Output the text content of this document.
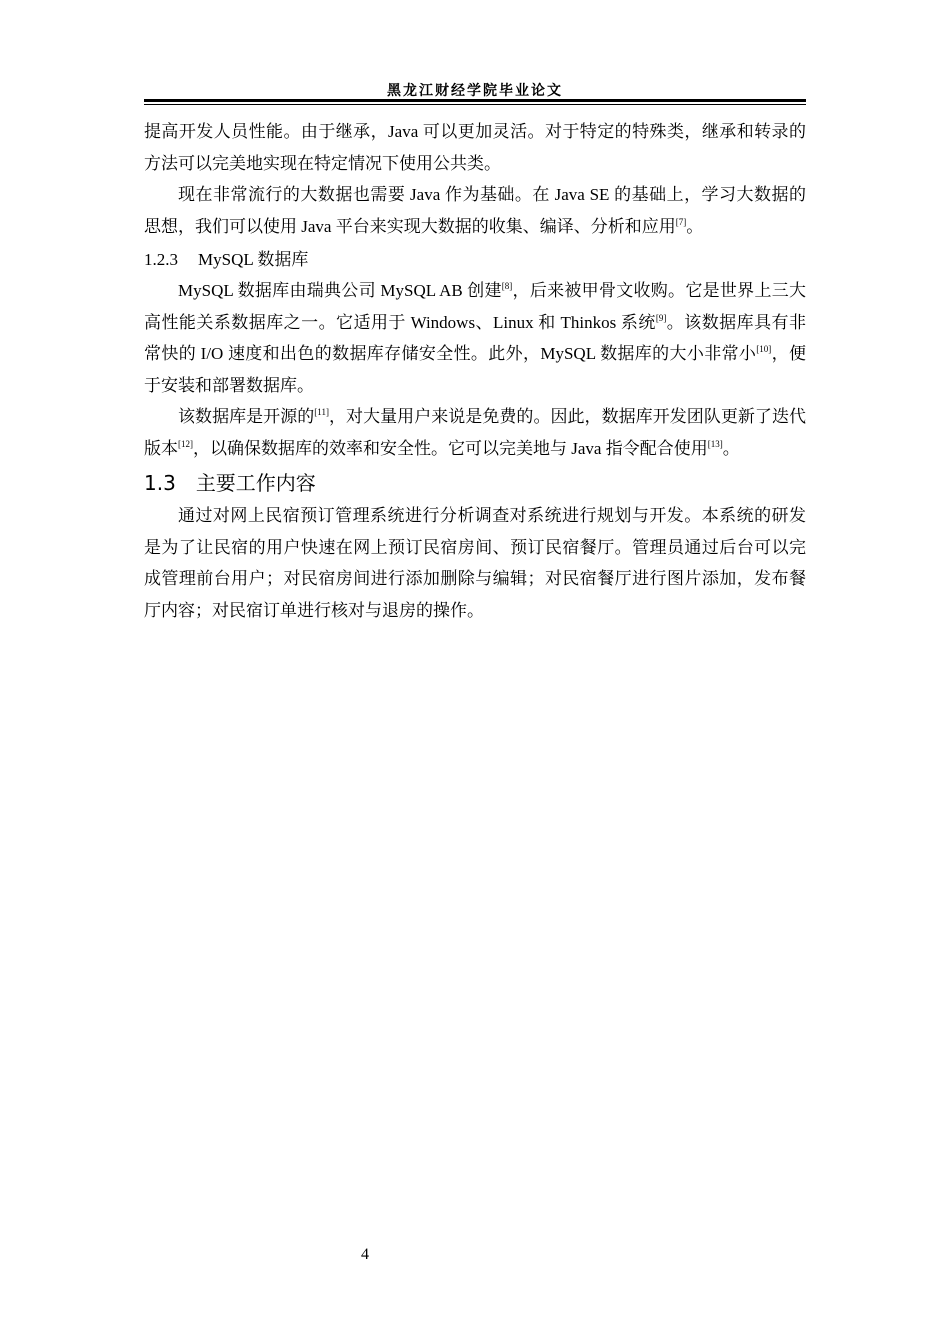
黑龙江财经学院毕业论文

提高开发人员性能。由于继承，Java 可以更加灵活。对于特定的特殊类，继承和转录的方法可以完美地实现在特定情况下使用公共类。

现在非常流行的大数据也需要 Java 作为基础。在 Java SE 的基础上，学习大数据的思想，我们可以使用 Java 平台来实现大数据的收集、编译、分析和应用[7]。

1.2.3 MySQL 数据库

MySQL 数据库由瑞典公司 MySQL AB 创建[8]，后来被甲骨文收购。它是世界上三大高性能关系数据库之一。它适用于 Windows、Linux 和 Thinkos 系统[9]。该数据库具有非常快的 I/O 速度和出色的数据库存储安全性。此外，MySQL 数据库的大小非常小[10]，便于安装和部署数据库。

该数据库是开源的[11]，对大量用户来说是免费的。因此，数据库开发团队更新了迭代版本[12]，以确保数据库的效率和安全性。它可以完美地与 Java 指令配合使用[13]。

1.3 主要工作内容

通过对网上民宿预订管理系统进行分析调查对系统进行规划与开发。本系统的研发是为了让民宿的用户快速在网上预订民宿房间、预订民宿餐厅。管理员通过后台可以完成管理前台用户；对民宿房间进行添加删除与编辑；对民宿餐厅进行图片添加，发布餐厅内容；对民宿订单进行核对与退房的操作。

4
